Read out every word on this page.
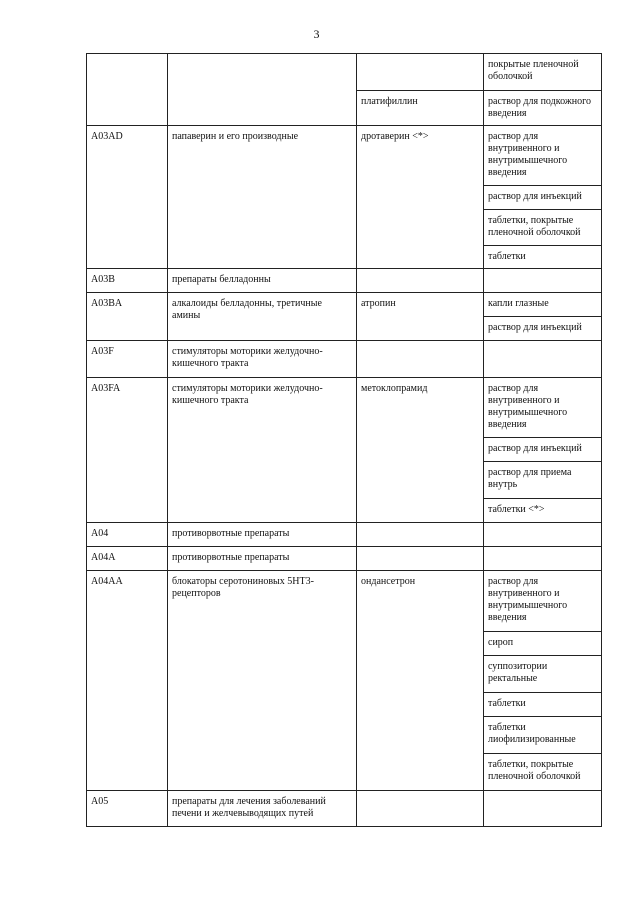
3
			покрытые пленочной оболочкой
		платифиллин	раствор для подкожного введения
A03AD	папаверин и его производные	дротаверин <*>	раствор для внутривенного и внутримышечного введения
			раствор для инъекций
			таблетки, покрытые пленочной оболочкой
			таблетки
A03B	препараты белладонны		
A03BA	алкалоиды белладонны, третичные амины	атропин	капли глазные
			раствор для инъекций
A03F	стимуляторы моторики желудочно-кишечного тракта		
A03FA	стимуляторы моторики желудочно-кишечного тракта	метоклопрамид	раствор для внутривенного и внутримышечного введения
			раствор для инъекций
			раствор для приема внутрь
			таблетки <*>
A04	противорвотные препараты		
A04A	противорвотные препараты		
A04AA	блокаторы серотониновых 5HT3-рецепторов	ондансетрон	раствор для внутривенного и внутримышечного введения
			сироп
			суппозитории ректальные
			таблетки
			таблетки лиофилизированные
			таблетки, покрытые пленочной оболочкой
A05	препараты для лечения заболеваний печени и желчевыводящих путей		
